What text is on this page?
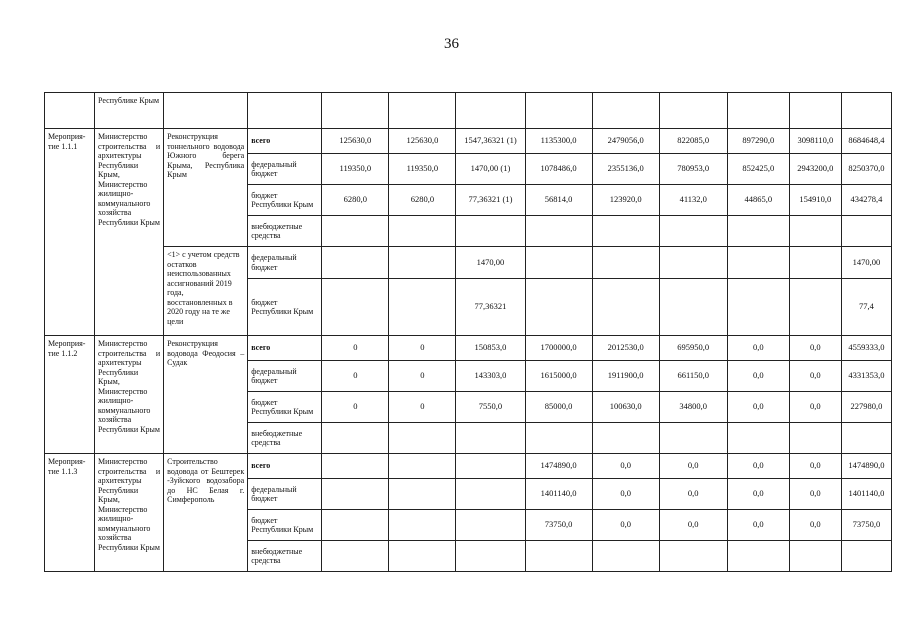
36
	Республике Крым											
Мероприя-тие 1.1.1	Министерство строительства и архитектуры Республики Крым, Министерство жилищно-коммунального хозяйства Республики Крым	Реконструкция тоннельного водовода Южного берега Крыма, Республика Крым	всего	125630,0	125630,0	1547,36321 (1)	1135300,0	2479056,0	822085,0	897290,0	3098110,0	8684648,4
			федеральный бюджет	119350,0	119350,0	1470,00 (1)	1078486,0	2355136,0	780953,0	852425,0	2943200,0	8250370,0
			бюджет Республики Крым	6280,0	6280,0	77,36321 (1)	56814,0	123920,0	41132,0	44865,0	154910,0	434278,4
			внебюджетные средства									
		<1> с учетом средств остатков неиспользованных ассигнований 2019 года, восстановленных в 2020 году на те же цели	федеральный бюджет			1470,00						1470,00
			бюджет Республики Крым			77,36321						77,4
Мероприя-тие 1.1.2	Министерство строительства и архитектуры Республики Крым, Министерство жилищно-коммунального хозяйства Республики Крым	Реконструкция водовода Феодосия – Судак	всего	0	0	150853,0	1700000,0	2012530,0	695950,0	0,0	0,0	4559333,0
			федеральный бюджет	0	0	143303,0	1615000,0	1911900,0	661150,0	0,0	0,0	4331353,0
			бюджет Республики Крым	0	0	7550,0	85000,0	100630,0	34800,0	0,0	0,0	227980,0
			внебюджетные средства									
Мероприя-тие 1.1.3	Министерство строительства и архитектуры Республики Крым, Министерство жилищно-коммунального хозяйства Республики Крым	Строительство водовода от Бештерек -Зуйского водозабора до НС Белая г. Симферополь	всего				1474890,0	0,0	0,0	0,0	0,0	1474890,0
			федеральный бюджет				1401140,0	0,0	0,0	0,0	0,0	1401140,0
			бюджет Республики Крым				73750,0	0,0	0,0	0,0	0,0	73750,0
			внебюджетные средства									
